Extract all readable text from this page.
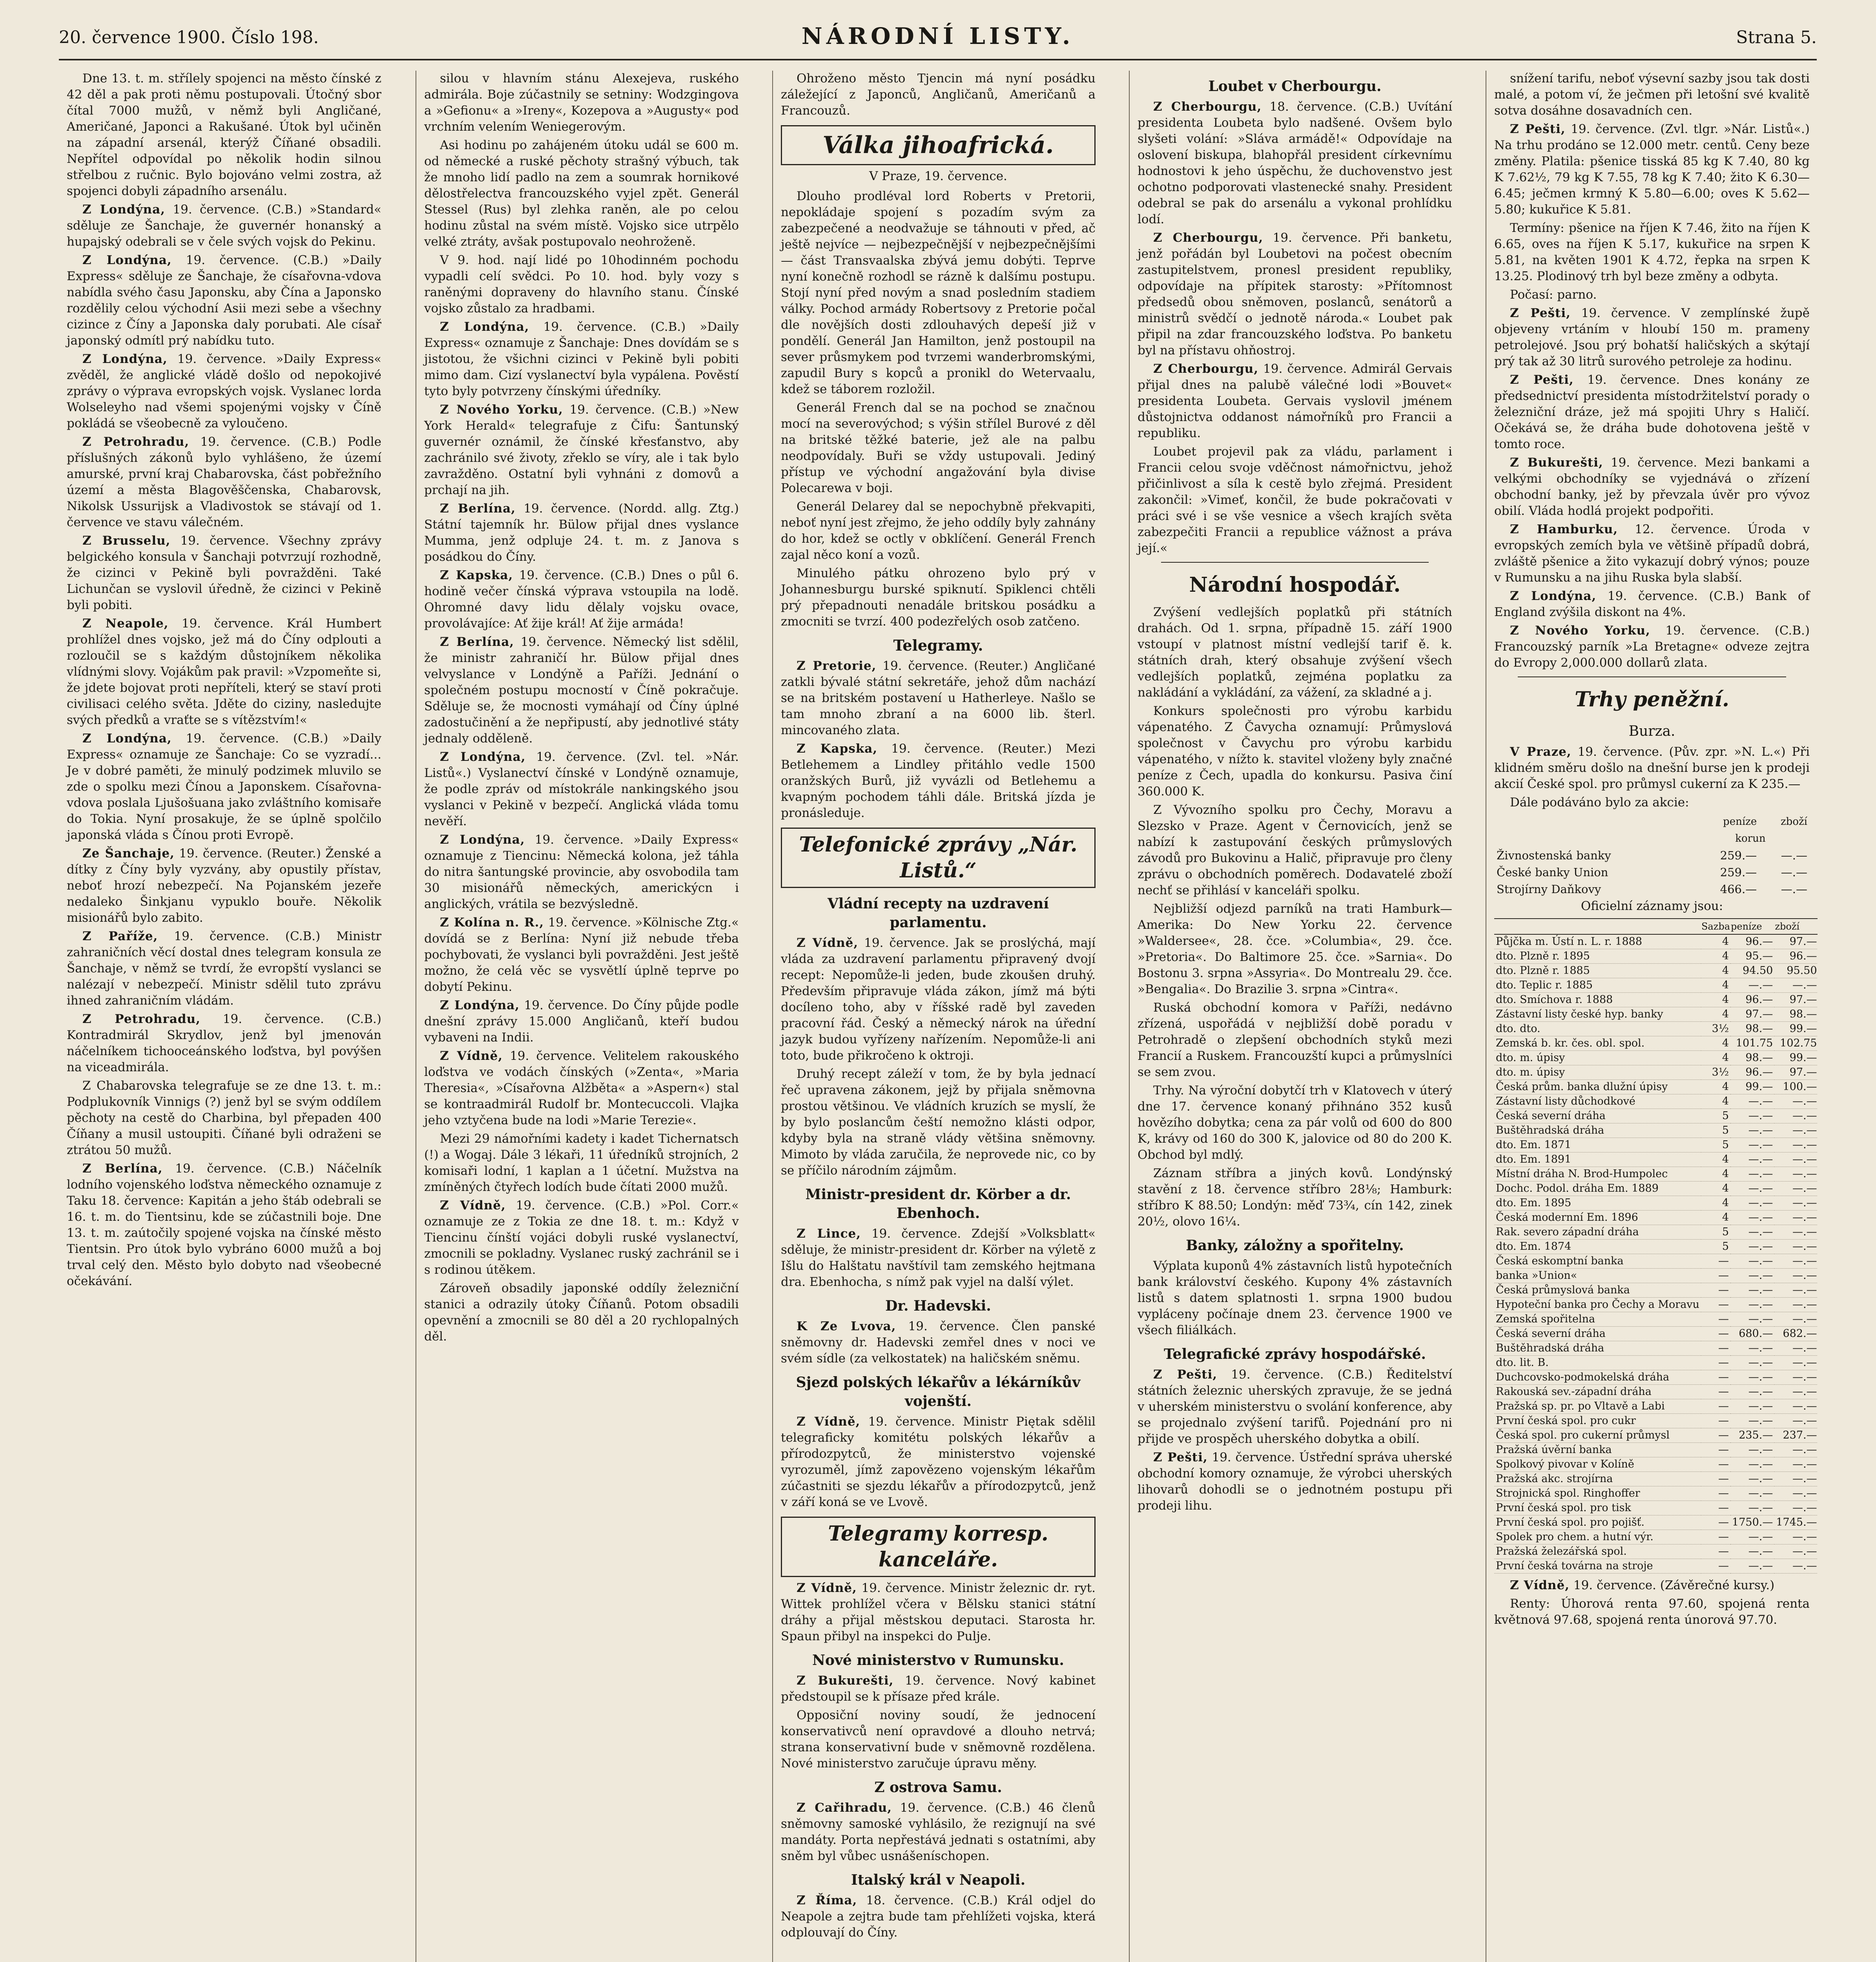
20. července 1900. Číslo 198.	NÁRODNÍ LISTY.	Strana 5.

Dne 13. t. m. střílely spojenci na město čínské z 42 děl a pak proti němu postupovali. Útočný sbor čítal 7000 mužů, v němž byli Angličané, Američané, Japonci a Rakušané. Útok byl učiněn na západní arsenál, kterýž Číňané obsadili. Nepřítel odpovídal po několik hodin silnou střelbou z ručnic. Bylo bojováno velmi zostra, až spojenci dobyli západního arsenálu.

Z Londýna, 19. července. (C.B.) »Standard« sděluje ze Šanchaje, že guvernér honanský a hupajský odebrali se v čele svých vojsk do Pekinu.

Z Londýna, 19. července. (C.B.) »Daily Express« sděluje ze Šanchaje, že císařovna-vdova nabídla svého času Japonsku, aby Čína a Japonsko rozdělily celou východní Asii mezi sebe a všechny cizince z Číny a Japonska daly porubati. Ale císař japonský odmítl prý nabídku tuto.

Z Londýna, 19. července. »Daily Express« zvěděl, že anglické vládě došlo od nepokojivé zprávy o výprava evropských vojsk. Vyslanec lorda Wolseleyho nad všemi spojenými vojsky v Číně pokládá se všeobecně za vyloučeno.

Z Petrohradu, 19. července. (C.B.) Podle příslušných zákonů bylo vyhlášeno, že území amurské, první kraj Chabarovska, část pobřežního území a města Blagověščenska, Chabarovsk, Nikolsk Ussurijsk a Vladivostok se stávají od 1. července ve stavu válečném.

Z Brusselu, 19. července. Všechny zprávy belgického konsula v Šanchaji potvrzují rozhodně, že cizinci v Pekině byli povražděni. Také Lichunčan se vyslovil úředně, že cizinci v Pekině byli pobiti.

Z Neapole, 19. července. Král Humbert prohlížel dnes vojsko, jež má do Číny odplouti a rozloučil se s každým důstojníkem několika vlídnými slovy. Vojákům pak pravil: »Vzpomeňte si, že jdete bojovat proti nepříteli, který se staví proti civilisaci celého světa. Jděte do ciziny, nasledujte svých předků a vraťte se s vítězstvím!«

Z Londýna, 19. července. (C.B.) »Daily Express« oznamuje ze Šanchaje: Co se vyzradí... Je v dobré paměti, že minulý podzimek mluvilo se zde o spolku mezi Čínou a Japonskem. Císařovna-vdova poslala Ljušošuana jako zvláštního komisaře do Tokia. Nyní prosakuje, že se úplně spolčilo japonská vláda s Čínou proti Evropě.

Ze Šanchaje, 19. července. (Reuter.) Ženské a dítky z Číny byly vyzvány, aby opustily přístav, neboť hrozí nebezpečí. Na Pojanském jezeře nedaleko Šinkjanu vypuklo bouře. Několik misionářů bylo zabito.

Z Paříže, 19. července. (C.B.) Ministr zahraničních věcí dostal dnes telegram konsula ze Šanchaje, v němž se tvrdí, že evropští vyslanci se nalézají v nebezpečí. Ministr sdělil tuto zprávu ihned zahraničním vládám.

Z Petrohradu, 19. července. (C.B.) Kontradmirál Skrydlov, jenž byl jmenován náčelníkem tichooceánského loďstva, byl povýšen na viceadmirála.

Z Chabarovska telegrafuje se ze dne 13. t. m.: Podplukovník Vinnigs (?) jenž byl se svým oddílem pěchoty na cestě do Charbina, byl přepaden 400 Číňany a musil ustoupiti. Číňané byli odraženi se ztrátou 50 mužů.

Z Berlína, 19. července. (C.B.) Náčelník lodního vojenského loďstva německého oznamuje z Taku 18. července: Kapitán a jeho štáb odebrali se 16. t. m. do Tientsinu, kde se zúčastnili boje. Dne 13. t. m. zaútočily spojené vojska na čínské město Tientsin. Pro útok bylo vybráno 6000 mužů a boj trval celý den. Město bylo dobyto nad všeobecné očekávání.

silou v hlavním stánu Alexejeva, ruského admirála. Boje zúčastnily se setniny: Wodzgingova a »Gefionu« a »Ireny«, Kozepova a »Augusty« pod vrchním velením Weniegerovým.

Asi hodinu po zahájeném útoku udál se 600 m. od německé a ruské pěchoty strašný výbuch, tak že mnoho lidí padlo na zem a soumrak hornikové dělostřelectva francouzského vyjel zpět. Generál Stessel (Rus) byl zlehka raněn, ale po celou hodinu zůstal na svém místě. Vojsko sice utrpělo velké ztráty, avšak postupovalo neohroženě.

V 9. hod. nají lidé po 10hodinném pochodu vypadli celí svědci. Po 10. hod. byly vozy s raněnými dopraveny do hlavního stanu. Čínské vojsko zůstalo za hradbami.

Z Londýna, 19. července. (C.B.) »Daily Express« oznamuje z Šanchaje: Dnes dovídám se s jistotou, že všichni cizinci v Pekině byli pobiti mimo dam. Cizí vyslanectví byla vypálena. Pověstí tyto byly potvrzeny čínskými úředníky.

Z Nového Yorku, 19. července. (C.B.) »New York Herald« telegrafuje z Čifu: Šantunský guvernér oznámil, že čínské křesťanstvo, aby zachránilo své životy, zřeklo se víry, ale i tak bylo zavražděno. Ostatní byli vyhnáni z domovů a prchají na jih.

Z Berlína, 19. července. (Nordd. allg. Ztg.) Státní tajemník hr. Bülow přijal dnes vyslance Mumma, jenž odpluje 24. t. m. z Janova s posádkou do Číny.

Z Kapska, 19. července. (C.B.) Dnes o půl 6. hodině večer čínská výprava vstoupila na lodě. Ohromné davy lidu dělaly vojsku ovace, provolávajíce: Ať žije král! Ať žije armáda!

Z Berlína, 19. července. Německý list sdělil, že ministr zahraničí hr. Bülow přijal dnes velvyslance v Londýně a Paříži. Jednání o společném postupu mocností v Číně pokračuje. Sděluje se, že mocnosti vymáhají od Číny úplné zadostučinění a že nepřipustí, aby jednotlivé státy jednaly odděleně.

Z Londýna, 19. července. (Zvl. tel. »Nár. Listů«.) Vyslanectví čínské v Londýně oznamuje, že podle zpráv od místokrále nankingského jsou vyslanci v Pekině v bezpečí. Anglická vláda tomu nevěří.

Z Londýna, 19. července. »Daily Express« oznamuje z Tiencinu: Německá kolona, jež táhla do nitra šantungské provincie, aby osvobodila tam 30 misionářů německých, americkýcn i anglických, vrátila se bezvýsledně.

Z Kolína n. R., 19. července. »Kölnische Ztg.« dovídá se z Berlína: Nyní již nebude třeba pochybovati, že vyslanci byli povražděni. Jest ještě možno, že celá věc se vysvětlí úplně teprve po dobytí Pekinu.

Z Londýna, 19. července. Do Číny půjde podle dnešní zprávy 15.000 Angličanů, kteří budou vybaveni na Indii.

Z Vídně, 19. července. Velitelem rakouského loďstva ve vodách čínských (»Zenta«, »Maria Theresia«, »Císařovna Alžběta« a »Aspern«) stal se kontraadmirál Rudolf br. Montecuccoli. Vlajka jeho vztyčena bude na lodi »Marie Terezie«.

Mezi 29 námořními kadety i kadet Tichernatsch (!) a Wogaj. Dále 3 lékaři, 11 úředníků strojních, 2 komisaři lodní, 1 kaplan a 1 účetní. Mužstva na zmíněných čtyřech lodích bude čítati 2000 mužů.

Z Vídně, 19. července. (C.B.) »Pol. Corr.« oznamuje ze z Tokia ze dne 18. t. m.: Když v Tiencinu čínští vojáci dobyli ruské vyslanectví, zmocnili se pokladny. Vyslanec ruský zachránil se i s rodinou útěkem.

Zároveň obsadily japonské oddíly železniční stanici a odrazily útoky Číňanů. Potom obsadili opevnění a zmocnili se 80 děl a 20 rychlopalných děl.

Ohroženo město Tjencin má nyní posádku záležející z Japonců, Angličanů, Američanů a Francouzů.

Válka jihoafrická.
V Praze, 19. července.

Dlouho prodléval lord Roberts v Pretorii, nepokládaje spojení s pozadím svým za zabezpečené a neodvažuje se táhnouti v před, ač ještě nejvíce — nejbezpečnější v nejbezpečnějšími — část Transvaalska zbývá jemu dobýti. Teprve nyní konečně rozhodl se rázně k dalšímu postupu. Stojí nyní před novým a snad posledním stadiem války. Pochod armády Robertsovy z Pretorie počal dle novějších dosti zdlouhavých depeší již v pondělí. Generál Jan Hamilton, jenž postoupil na sever průsmykem pod tvrzemi wanderbromskými, zapudil Bury s kopců a pronikl do Wetervaalu, kdež se táborem rozložil.

Generál French dal se na pochod se značnou mocí na severovýchod; s výšin střílel Burové z děl na britské těžké baterie, jež ale na palbu neodpovídaly. Buři se vždy ustupovali. Jediný přístup ve východní angažování byla divise Polecarewa v boji.

Generál Delarey dal se nepochybně překvapiti, neboť nyní jest zřejmo, že jeho oddíly byly zahnány do hor, kdež se octly v obklíčení. Generál French zajal něco koní a vozů.

Minulého pátku ohrozeno bylo prý v Johannesburgu burské spiknutí. Spiklenci chtěli prý přepadnouti nenadále britskou posádku a zmocniti se tvrzí. 400 podezřelých osob zatčeno.

Telegramy.

Z Pretorie, 19. července. (Reuter.) Angličané zatkli bývalé státní sekretáře, jehož dům nachází se na britském postavení u Hatherleye. Našlo se tam mnoho zbraní a na 6000 lib. šterl. mincovaného zlata.

Z Kapska, 19. července. (Reuter.) Mezi Betlehemem a Lindley přitáhlo vedle 1500 oranžských Burů, již vyvázli od Betlehemu a kvapným pochodem táhli dále. Britská jízda je pronásleduje.

Telefonické zprávy „Nár. Listů.“
Vládní recepty na uzdravení parlamentu.

Z Vídně, 19. července. Jak se proslýchá, mají vláda za uzdravení parlamentu připravený dvojí recept: Nepomůže-li jeden, bude zkoušen druhý. Především připravuje vláda zákon, jímž má býti docíleno toho, aby v říšské radě byl zaveden pracovní řád. Český a německý nárok na úřední jazyk budou vyřízeny nařízením. Nepomůže-li ani toto, bude přikročeno k oktroji.

Druhý recept záleží v tom, že by byla jednací řeč upravena zákonem, jejž by přijala sněmovna prostou většinou. Ve vládních kruzích se myslí, že by bylo poslancům čeští nemožno klásti odpor, kdyby byla na straně vlády většina sněmovny. Mimoto by vláda zaručila, že neprovede nic, co by se příčilo národním zájmům.

Ministr-president dr. Körber a dr. Ebenhoch.

Z Lince, 19. července. Zdejší »Volksblatt« sděluje, že ministr-president dr. Körber na výletě z Išlu do Halštatu navštívil tam zemského hejtmana dra. Ebenhocha, s nímž pak vyjel na další výlet.

Dr. Hadevski.

K Ze Lvova, 19. července. Člen panské sněmovny dr. Hadevski zemřel dnes v noci ve svém sídle (za velkostatek) na haličském sněmu.

Sjezd polských lékařův a lékárníkův vojenští.

Z Vídně, 19. července. Ministr Piętak sdělil telegraficky komitétu polských lékařův a přírodozpytců, že ministerstvo vojenské vyrozuměl, jímž zapovězeno vojenským lékařům zúčastniti se sjezdu lékařův a přírodozpytců, jenž v září koná se ve Lvově.

Telegramy korresp. kanceláře.

Z Vídně, 19. července. Ministr železnic dr. ryt. Wittek prohlížel včera v Bělsku stanici státní dráhy a přijal městskou deputaci. Starosta hr. Spaun přibyl na inspekci do Pulje.

Nové ministerstvo v Rumunsku.

Z Bukurešti, 19. července. Nový kabinet předstoupil se k přísaze před krále.

Opposiční noviny soudí, že jednocení konservativců není opravdové a dlouho netrvá; strana konservativní bude v sněmovně rozdělena. Nové ministerstvo zaručuje úpravu měny.

Z ostrova Samu.

Z Cařihradu, 19. července. (C.B.) 46 členů sněmovny samoské vyhlásilo, že rezignují na své mandáty. Porta nepřestává jednati s ostatními, aby sněm byl vůbec usnášeníschopen.

Italský král v Neapoli.

Z Říma, 18. července. (C.B.) Král odjel do Neapole a zejtra bude tam přehlížeti vojska, která odplouvají do Číny.

Loubet v Cherbourgu.

Z Cherbourgu, 18. července. (C.B.) Uvítání presidenta Loubeta bylo nadšené. Ovšem bylo slyšeti volání: »Sláva armádě!« Odpovídaje na oslovení biskupa, blahopřál president církevnímu hodnostovi k jeho úspěchu, že duchovenstvo jest ochotno podporovati vlastenecké snahy. President odebral se pak do arsenálu a vykonal prohlídku lodí.

Z Cherbourgu, 19. července. Při banketu, jenž pořádán byl Loubetovi na počest obecním zastupitelstvem, pronesl president republiky, odpovídaje na přípitek starosty: »Přítomnost předsedů obou sněmoven, poslanců, senátorů a ministrů svědčí o jednotě národa.« Loubet pak připil na zdar francouzského loďstva. Po banketu byl na přístavu ohňostroj.

Z Cherbourgu, 19. července. Admirál Gervais přijal dnes na palubě válečné lodi »Bouvet« presidenta Loubeta. Gervais vyslovil jménem důstojnictva oddanost námořníků pro Francii a republiku.

Loubet projevil pak za vládu, parlament i Francii celou svoje vděčnost námořnictvu, jehož přičinlivost a síla k cestě bylo zřejmá. President zakončil: »Vimeť, končil, že bude pokračovati v práci své i se vše vesnice a všech krajích světa zabezpečiti Francii a republice vážnost a práva její.«

Národní hospodář.

Zvýšení vedlejších poplatků při státních drahách. Od 1. srpna, případně 15. září 1900 vstoupí v platnost místní vedlejší tarif ě. k. státních drah, který obsahuje zvýšení všech vedlejších poplatků, zejména poplatku za nakládání a vykládání, za vážení, za skladné a j.

Konkurs společnosti pro výrobu karbidu vápenatého. Z Čavycha oznamují: Průmyslová společnost v Čavychu pro výrobu karbidu vápenatého, v nížto k. stavitel vloženy byly značné peníze z Čech, upadla do konkursu. Pasiva činí 360.000 K.

Z Vývozního spolku pro Čechy, Moravu a Slezsko v Praze. Agent v Černovicích, jenž se nabízí k zastupování českých průmyslových závodů pro Bukovinu a Halič, připravuje pro členy zprávu o obchodních poměrech. Dodavatelé zboží nechť se přihlásí v kanceláři spolku.

Nejbližší odjezd parníků na trati Hamburk—Amerika: Do New Yorku 22. července »Waldersee«, 28. čce. »Columbia«, 29. čce. »Pretoria«. Do Baltimore 25. čce. »Sarnia«. Do Bostonu 3. srpna »Assyria«. Do Montrealu 29. čce. »Bengalia«. Do Brazilie 3. srpna »Cintra«.

Ruská obchodní komora v Paříži, nedávno zřízená, uspořádá v nejbližší době poradu v Petrohradě o zlepšení obchodních styků mezi Francií a Ruskem. Francouzští kupci a průmyslníci se sem zvou.

Trhy. Na výroční dobytčí trh v Klatovech v úterý dne 17. července konaný přihnáno 352 kusů hovězího dobytka; cena za pár volů od 600 do 800 K, krávy od 160 do 300 K, jalovice od 80 do 200 K. Obchod byl mdlý.

Záznam stříbra a jiných kovů. Londýnský stavění z 18. července stříbro 28⅛; Hamburk: stříbro K 88.50; Londýn: měď 73¾, cín 142, zinek 20½, olovo 16¼.

Banky, záložny a spořitelny.

Výplata kuponů 4% zástavních listů hypotečních bank království českého. Kupony 4% zástavních listů s datem splatnosti 1. srpna 1900 budou vypláceny počínaje dnem 23. července 1900 ve všech filiálkách.

Telegrafické zprávy hospodářské.

Z Pešti, 19. července. (C.B.) Ředitelství státních železnic uherských zpravuje, že se jedná v uherském ministerstvu o svolání konference, aby se projednalo zvýšení tarifů. Pojednání pro ni přijde ve prospěch uherského dobytka a obilí.

Z Pešti, 19. července. Ústřední správa uherské obchodní komory oznamuje, že výrobci uherských lihovarů dohodli se o jednotném postupu při prodeji lihu.

snížení tarifu, neboť výsevní sazby jsou tak dosti malé, a potom ví, že ječmen při letošní své kvalitě sotva dosáhne dosavadních cen.

Z Pešti, 19. července. (Zvl. tlgr. »Nár. Listů«.) Na trhu prodáno se 12.000 metr. centů. Ceny beze změny. Platila: pšenice tisská 85 kg K 7.40, 80 kg K 7.62½, 79 kg K 7.55, 78 kg K 7.40; žito K 6.30—6.45; ječmen krmný K 5.80—6.00; oves K 5.62—5.80; kukuřice K 5.81.

Termíny: pšenice na říjen K 7.46, žito na říjen K 6.65, oves na říjen K 5.17, kukuřice na srpen K 5.81, na květen 1901 K 4.72, řepka na srpen K 13.25. Plodinový trh byl beze změny a odbyta.

Počasí: parno.

Z Pešti, 19. července. V zemplínské župě objeveny vrtáním v hloubí 150 m. prameny petrolejové. Jsou prý bohatší haličských a skýtají prý tak až 30 litrů surového petroleje za hodinu.

Z Pešti, 19. července. Dnes konány ze předsednictví presidenta místodržitelství porady o železniční dráze, jež má spojiti Uhry s Haličí. Očekává se, že dráha bude dohotovena ještě v tomto roce.

Z Bukurešti, 19. července. Mezi bankami a velkými obchodníky se vyjednává o zřízení obchodní banky, jež by převzala úvěr pro vývoz obilí. Vláda hodlá projekt podpořiti.

Z Hamburku, 12. července. Úroda v evropských zemích byla ve většině případů dobrá, zvláště pšenice a žito vykazují dobrý výnos; pouze v Rumunsku a na jihu Ruska byla slabší.

Z Londýna, 19. července. (C.B.) Bank of England zvýšila diskont na 4%.

Z Nového Yorku, 19. července. (C.B.) Francouzský parník »La Bretagne« odveze zejtra do Evropy 2,000.000 dollarů zlata.

Trhy peněžní.
Burza.

V Praze, 19. července. (Pův. zpr. »N. L.«) Při klidném směru došlo na dnešní burse jen k prodeji akcií České spol. pro průmysl cukerní za K 235.—

Dále podáváno bylo za akcie:

	peníze	zboží
	korun	
Živnostenská banky	259.—	—.—
České banky Union	259.—	—.—
Strojírny Daňkovy	466.—	—.—

Oficielní záznamy jsou:

	Sazba	peníze	zboží
Půjčka m. Ústí n. L. r. 1888	4	96.—	97.—
dto. Plzně r. 1895	4	95.—	96.—
dto. Plzně r. 1885	4	94.50	95.50
dto. Teplic r. 1885	4	—.—	—.—
dto. Smíchova r. 1888	4	96.—	97.—
Zástavní listy české hyp. banky	4	97.—	98.—
dto. dto.	3½	98.—	99.—
Zemská b. kr. čes. obl. spol.	4	101.75	102.75
dto. m. úpisy	4	98.—	99.—
dto. m. úpisy	3½	96.—	97.—
Česká prům. banka dlužní úpisy	4	99.—	100.—
Zástavní listy důchodkové	4	—.—	—.—
Česká severní dráha	5	—.—	—.—
Buštěhradská dráha	5	—.—	—.—
dto. Em. 1871	5	—.—	—.—
dto. Em. 1891	4	—.—	—.—
Místní dráha N. Brod-Humpolec	4	—.—	—.—
Dochc. Podol. dráha Em. 1889	4	—.—	—.—
dto. Em. 1895	4	—.—	—.—
Česká modernní Em. 1896	4	—.—	—.—
Rak. severo západní dráha	5	—.—	—.—
dto. Em. 1874	5	—.—	—.—
Česká eskomptní banka	—	—.—	—.—
banka »Union«	—	—.—	—.—
Česká průmyslová banka	—	—.—	—.—
Hypoteční banka pro Čechy a Moravu	—	—.—	—.—
Zemská spořitelna	—	—.—	—.—
Česká severní dráha	—	680.—	682.—
Buštěhradská dráha	—	—.—	—.—
dto. lit. B.	—	—.—	—.—
Duchcovsko-podmokelská dráha	—	—.—	—.—
Rakouská sev.-západní dráha	—	—.—	—.—
Pražská sp. pr. po Vltavě a Labi	—	—.—	—.—
První česká spol. pro cukr	—	—.—	—.—
Česká spol. pro cukerní průmysl	—	235.—	237.—
Pražská úvěrní banka	—	—.—	—.—
Spolkový pivovar v Kolíně	—	—.—	—.—
Pražská akc. strojírna	—	—.—	—.—
Strojnická spol. Ringhoffer	—	—.—	—.—
První česká spol. pro tisk	—	—.—	—.—
První česká spol. pro pojišť.	—	1750.—	1745.—
Spolek pro chem. a hutní výr.	—	—.—	—.—
Pražská železářská spol.	—	—.—	—.—
První česká továrna na stroje	—	—.—	—.—

Z Vídně, 19. července. (Závěrečné kursy.)

Renty: Úhorová renta 97.60, spojená renta květnová 97.68, spojená renta únorová 97.70.
